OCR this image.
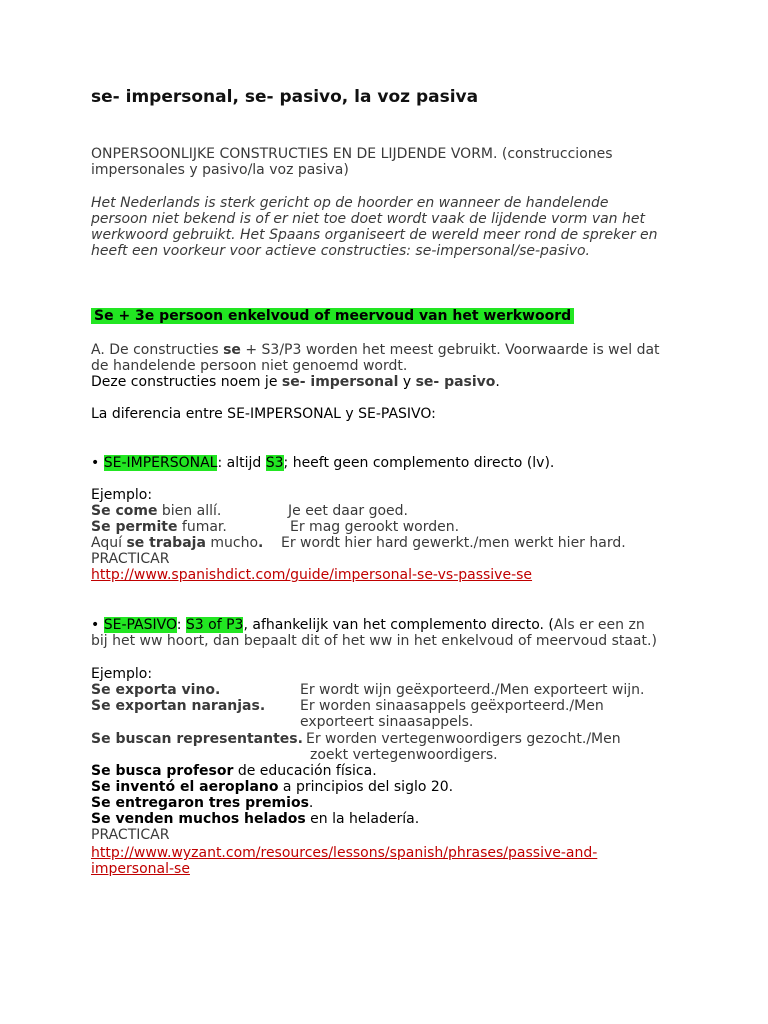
se- impersonal, se- pasivo, la voz pasiva
ONPERSOONLIJKE CONSTRUCTIES EN DE LIJDENDE VORM. (construcciones
impersonales y pasivo/la voz pasiva)
Het Nederlands is sterk gericht op de hoorder en wanneer de handelende
persoon niet bekend is of er niet toe doet wordt vaak de lijdende vorm van het
werkwoord gebruikt. Het Spaans organiseert de wereld meer rond de spreker en
heeft een voorkeur voor actieve constructies: se-impersonal/se-pasivo.
Se + 3e persoon enkelvoud of meervoud van het werkwoord
A. De constructies se + S3/P3 worden het meest gebruikt. Voorwaarde is wel dat
de handelende persoon niet genoemd wordt.
Deze constructies noem je se- impersonal y se- pasivo.
La diferencia entre SE-IMPERSONAL y SE-PASIVO:
• SE-IMPERSONAL: altijd S3; heeft geen complemento directo (lv).
Ejemplo:
Se come bien allí.	Je eet daar goed.
Se permite fumar.	Er mag gerookt worden.
Aquí se trabaja mucho. Er wordt hier hard gewerkt./men werkt hier hard.
PRACTICAR
http://www.spanishdict.com/guide/impersonal-se-vs-passive-se
• SE-PASIVO: S3 of P3, afhankelijk van het complemento directo. (Als er een zn
bij het ww hoort, dan bepaalt dit of het ww in het enkelvoud of meervoud staat.)
Ejemplo:
Se exporta vino.	Er wordt wijn geëxporteerd./Men exporteert wijn.
Se exportan naranjas. Er worden sinaasappels geëxporteerd./Men
exporteert sinaasappels.
Se buscan representantes. Er worden vertegenwoordigers gezocht./Men
zoekt vertegenwoordigers.
Se busca profesor de educación física.
Se inventó el aeroplano a principios del siglo 20.
Se entregaron tres premios.
Se venden muchos helados en la heladería.
PRACTICAR
http://www.wyzant.com/resources/lessons/spanish/phrases/passive-and-
impersonal-se
